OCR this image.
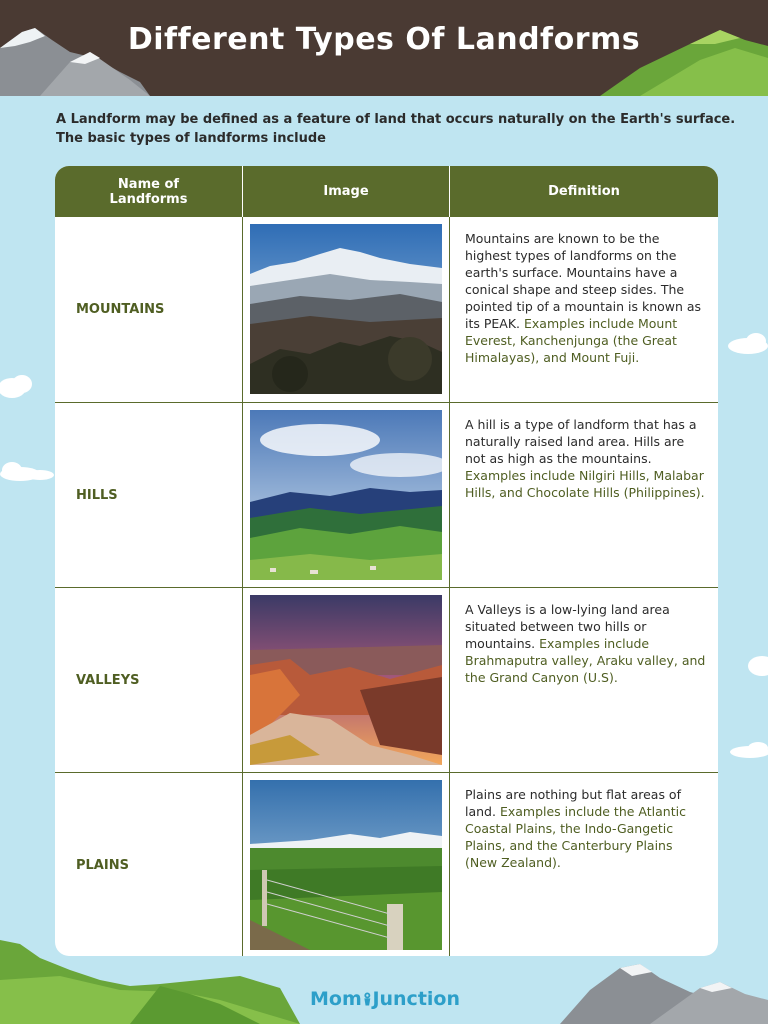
Different Types Of Landforms
A Landform may be defined as a feature of land that occurs naturally on the Earth's surface.
The basic types of landforms include
Name of Landforms	Image	Definition
MOUNTAINS
Mountains are known to be the highest types of landforms on the earth's surface. Mountains have a conical shape and steep sides. The pointed tip of a mountain is known as its PEAK. Examples include Mount Everest, Kanchenjunga (the Great Himalayas), and Mount Fuji.
HILLS
A hill is a type of landform that has a naturally raised land area. Hills are not as high as the mountains. Examples include Nilgiri Hills, Malabar Hills, and Chocolate Hills (Philippines).
VALLEYS
A Valleys is a low-lying land area situated between two hills or mountains. Examples include Brahmaputra valley, Araku valley, and the Grand Canyon (U.S).
PLAINS
Plains are nothing but flat areas of land. Examples include the Atlantic Coastal Plains, the Indo-Gangetic Plains, and the Canterbury Plains (New Zealand).
Mom Junction
